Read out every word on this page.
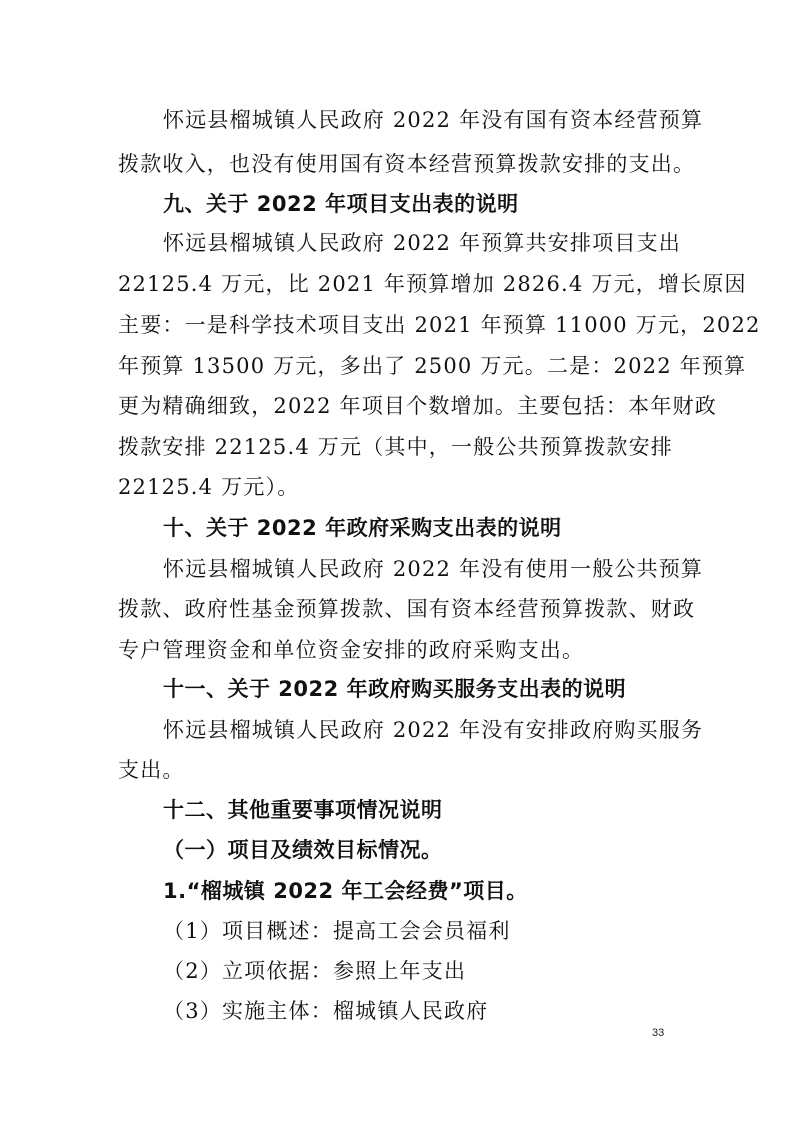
怀远县榴城镇人民政府 2022 年没有国有资本经营预算
拨款收入，也没有使用国有资本经营预算拨款安排的支出。
九、关于 2022 年项目支出表的说明
怀远县榴城镇人民政府 2022 年预算共安排项目支出
22125.4 万元，比 2021 年预算增加 2826.4 万元，增长原因
主要：一是科学技术项目支出 2021 年预算 11000 万元，2022
年预算 13500 万元，多出了 2500 万元。二是：2022 年预算
更为精确细致，2022 年项目个数增加。主要包括：本年财政
拨款安排 22125.4 万元（其中，一般公共预算拨款安排
22125.4 万元）。
十、关于 2022 年政府采购支出表的说明
怀远县榴城镇人民政府 2022 年没有使用一般公共预算
拨款、政府性基金预算拨款、国有资本经营预算拨款、财政
专户管理资金和单位资金安排的政府采购支出。
十一、关于 2022 年政府购买服务支出表的说明
怀远县榴城镇人民政府 2022 年没有安排政府购买服务
支出。
十二、其他重要事项情况说明
（一）项目及绩效目标情况。
1.“榴城镇 2022 年工会经费”项目。
（1）项目概述：提高工会会员福利
（2）立项依据：参照上年支出
（3）实施主体：榴城镇人民政府
33
